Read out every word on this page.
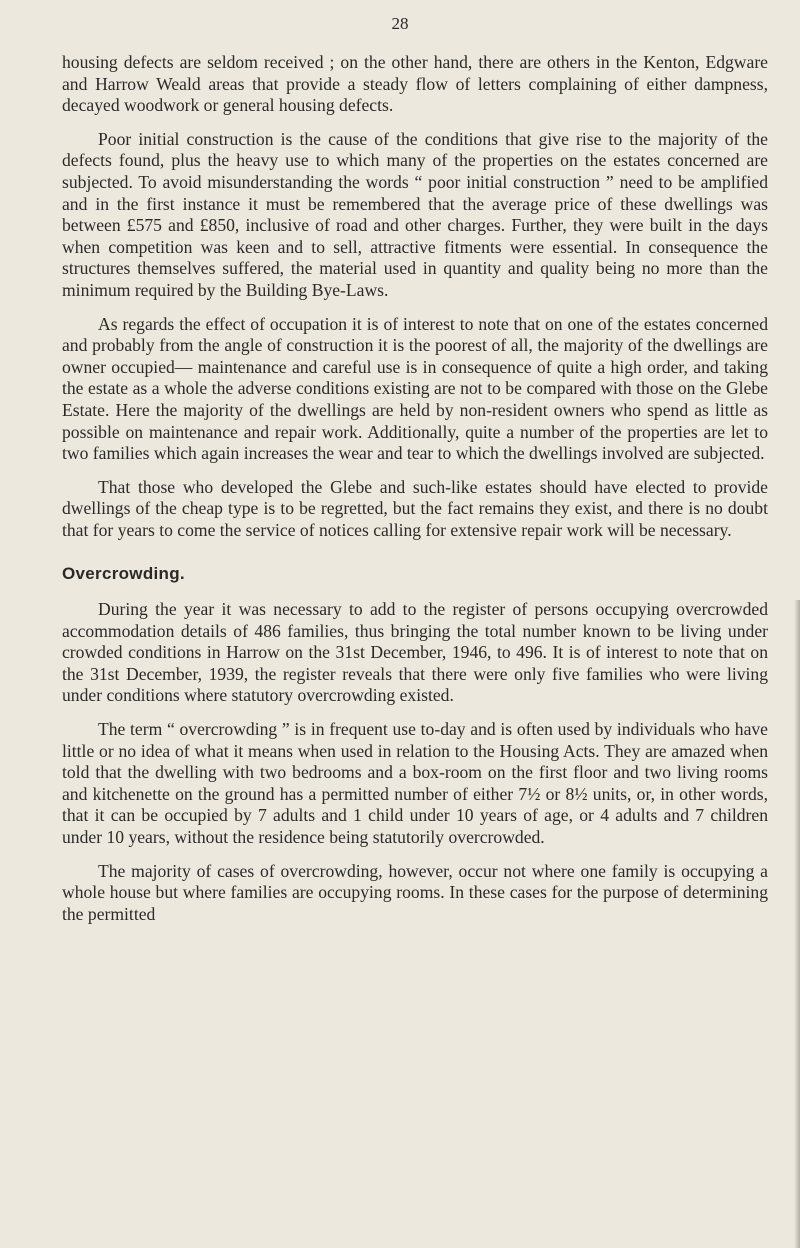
28

housing defects are seldom received ; on the other hand, there are others in the Kenton, Edgware and Harrow Weald areas that provide a steady flow of letters complaining of either dampness, decayed woodwork or general housing defects.

Poor initial construction is the cause of the conditions that give rise to the majority of the defects found, plus the heavy use to which many of the properties on the estates concerned are subjected. To avoid misunderstanding the words “ poor initial construction ” need to be amplified and in the first instance it must be remembered that the average price of these dwellings was between £575 and £850, inclusive of road and other charges. Further, they were built in the days when competition was keen and to sell, attractive fitments were essential. In consequence the structures themselves suffered, the material used in quantity and quality being no more than the minimum required by the Building Bye-Laws.

As regards the effect of occupation it is of interest to note that on one of the estates concerned and probably from the angle of construction it is the poorest of all, the majority of the dwellings are owner occupied— maintenance and careful use is in consequence of quite a high order, and taking the estate as a whole the adverse conditions existing are not to be compared with those on the Glebe Estate. Here the majority of the dwellings are held by non-resident owners who spend as little as possible on maintenance and repair work. Additionally, quite a number of the properties are let to two families which again increases the wear and tear to which the dwellings involved are subjected.

That those who developed the Glebe and such-like estates should have elected to provide dwellings of the cheap type is to be regretted, but the fact remains they exist, and there is no doubt that for years to come the service of notices calling for extensive repair work will be necessary.

Overcrowding.

During the year it was necessary to add to the register of persons occupying overcrowded accommodation details of 486 families, thus bringing the total number known to be living under crowded conditions in Harrow on the 31st December, 1946, to 496. It is of interest to note that on the 31st December, 1939, the register reveals that there were only five families who were living under conditions where statutory overcrowding existed.

The term “ overcrowding ” is in frequent use to-day and is often used by individuals who have little or no idea of what it means when used in relation to the Housing Acts. They are amazed when told that the dwelling with two bedrooms and a box-room on the first floor and two living rooms and kitchenette on the ground has a permitted number of either 7½ or 8½ units, or, in other words, that it can be occupied by 7 adults and 1 child under 10 years of age, or 4 adults and 7 children under 10 years, without the residence being statutorily overcrowded.

The majority of cases of overcrowding, however, occur not where one family is occupying a whole house but where families are occupying rooms. In these cases for the purpose of determining the permitted
